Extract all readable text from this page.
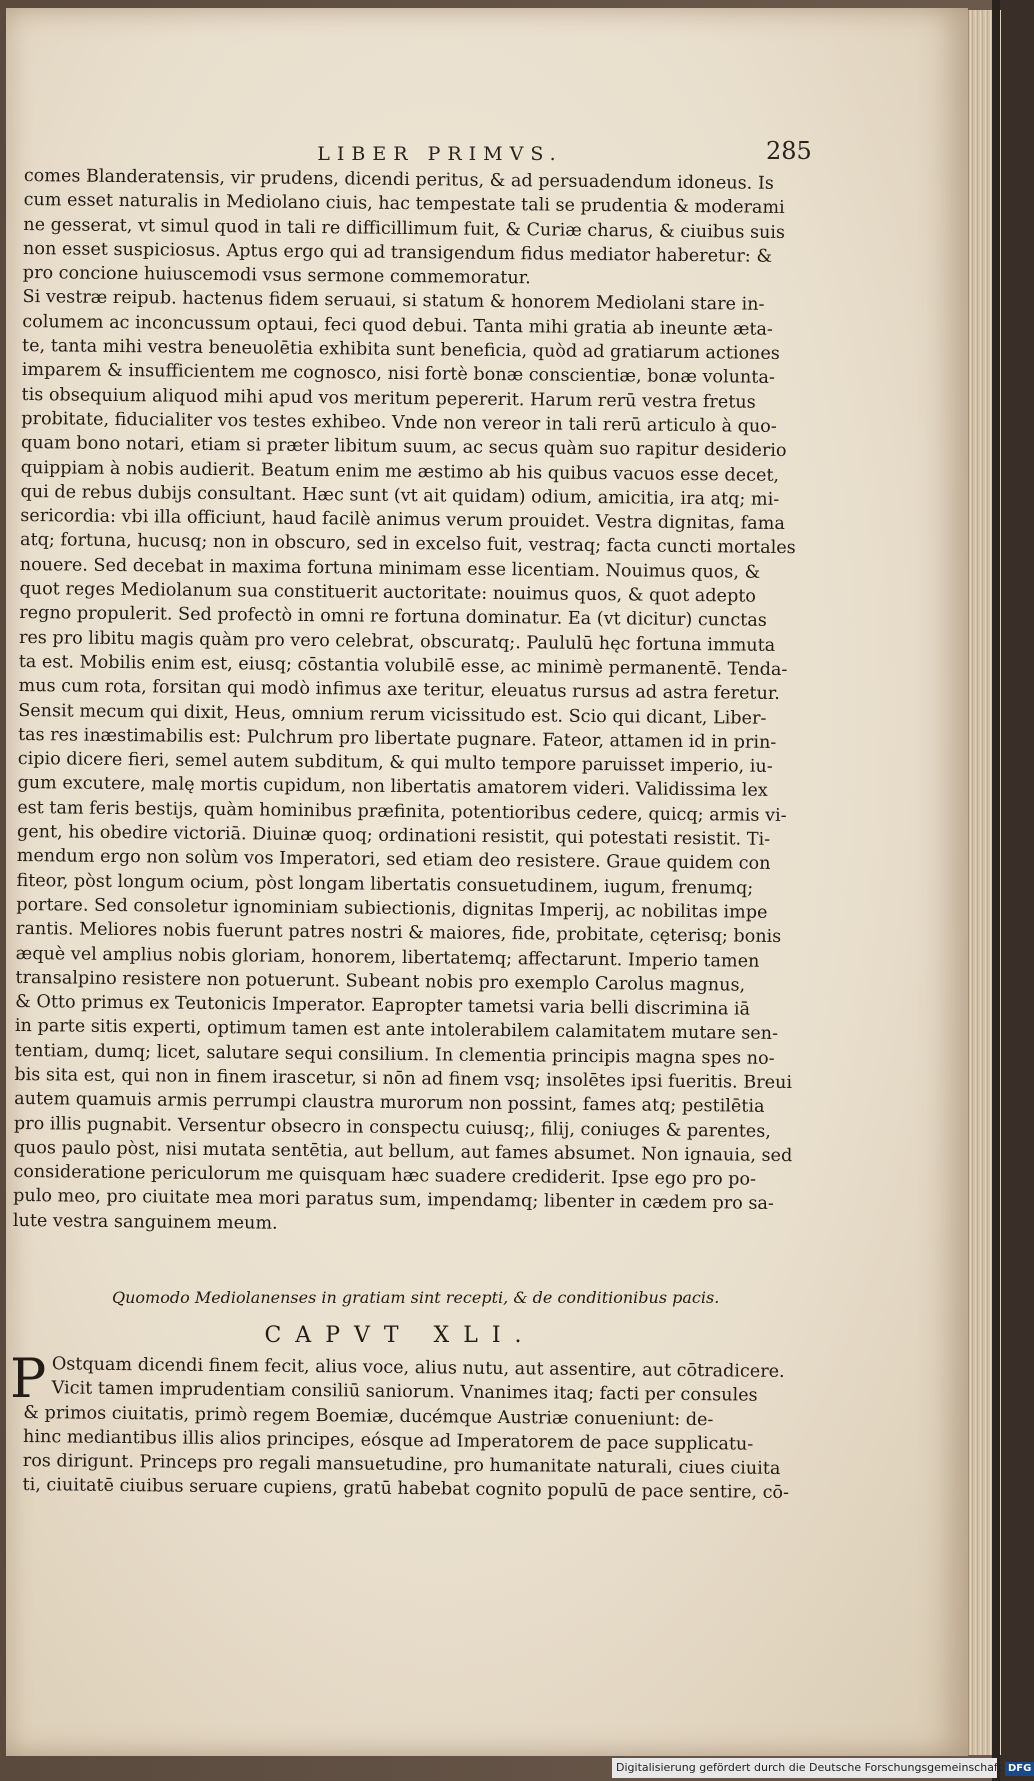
LIBER PRIMVS.	285
comes Blanderatensis, vir prudens, dicendi peritus, & ad persuadendum idoneus. Is
cum esset naturalis in Mediolano ciuis, hac tempestate tali se prudentia & moderami
ne gesserat, vt simul quod in tali re difficillimum fuit, & Curiæ charus, & ciuibus suis
non esset suspiciosus. Aptus ergo qui ad transigendum fidus mediator haberetur: &
pro concione huiuscemodi vsus sermone commemoratur.
Si vestræ reipub. hactenus fidem seruaui, si statum & honorem Mediolani stare in-
columem ac inconcussum optaui, feci quod debui. Tanta mihi gratia ab ineunte æta-
te, tanta mihi vestra beneuolētia exhibita sunt beneficia, quòd ad gratiarum actiones
imparem & insufficientem me cognosco, nisi fortè bonæ conscientiæ, bonæ volunta-
tis obsequium aliquod mihi apud vos meritum pepererit. Harum rerū vestra fretus
probitate, fiducialiter vos testes exhibeo. Vnde non vereor in tali rerū articulo à quo-
quam bono notari, etiam si præter libitum suum, ac secus quàm suo rapitur desiderio
quippiam à nobis audierit. Beatum enim me æstimo ab his quibus vacuos esse decet,
qui de rebus dubijs consultant. Hæc sunt (vt ait quidam) odium, amicitia, ira atq; mi-
sericordia: vbi illa officiunt, haud facilè animus verum prouidet. Vestra dignitas, fama
atq; fortuna, hucusq; non in obscuro, sed in excelso fuit, vestraq; facta cuncti mortales
nouere. Sed decebat in maxima fortuna minimam esse licentiam. Nouimus quos, &
quot reges Mediolanum sua constituerit auctoritate: nouimus quos, & quot adepto
regno propulerit. Sed profectò in omni re fortuna dominatur. Ea (vt dicitur) cunctas
res pro libitu magis quàm pro vero celebrat, obscuratq;. Paululū hęc fortuna immuta
ta est. Mobilis enim est, eiusq; cōstantia volubilē esse, ac minimè permanentē. Tenda-
mus cum rota, forsitan qui modò infimus axe teritur, eleuatus rursus ad astra feretur.
Sensit mecum qui dixit, Heus, omnium rerum vicissitudo est. Scio qui dicant, Liber-
tas res inæstimabilis est: Pulchrum pro libertate pugnare. Fateor, attamen id in prin-
cipio dicere fieri, semel autem subditum, & qui multo tempore paruisset imperio, iu-
gum excutere, malę mortis cupidum, non libertatis amatorem videri. Validissima lex
est tam feris bestijs, quàm hominibus præfinita, potentioribus cedere, quicq; armis vi-
gent, his obedire victoriā. Diuinæ quoq; ordinationi resistit, qui potestati resistit. Ti-
mendum ergo non solùm vos Imperatori, sed etiam deo resistere. Graue quidem con
fiteor, pòst longum ocium, pòst longam libertatis consuetudinem, iugum, frenumq;
portare. Sed consoletur ignominiam subiectionis, dignitas Imperij, ac nobilitas impe
rantis. Meliores nobis fuerunt patres nostri & maiores, fide, probitate, cęterisq; bonis
æquè vel amplius nobis gloriam, honorem, libertatemq; affectarunt. Imperio tamen
transalpino resistere non potuerunt. Subeant nobis pro exemplo Carolus magnus,
& Otto primus ex Teutonicis Imperator. Eapropter tametsi varia belli discrimina iā
in parte sitis experti, optimum tamen est ante intolerabilem calamitatem mutare sen-
tentiam, dumq; licet, salutare sequi consilium. In clementia principis magna spes no-
bis sita est, qui non in finem irascetur, si nōn ad finem vsq; insolētes ipsi fueritis. Breui
autem quamuis armis perrumpi claustra murorum non possint, fames atq; pestilētia
pro illis pugnabit. Versentur obsecro in conspectu cuiusq;, filij, coniuges & parentes,
quos paulo pòst, nisi mutata sentētia, aut bellum, aut fames absumet. Non ignauia, sed
consideratione periculorum me quisquam hæc suadere crediderit. Ipse ego pro po-
pulo meo, pro ciuitate mea mori paratus sum, impendamq; libenter in cædem pro sa-
lute vestra sanguinem meum.
Quomodo Mediolanenses in gratiam sint recepti, & de conditionibus pacis.
CAPVT XLI.
P Ostquam dicendi finem fecit, alius voce, alius nutu, aut assentire, aut cōtradicere.
Vicit tamen imprudentiam consiliū saniorum. Vnanimes itaq; facti per consules
& primos ciuitatis, primò regem Boemiæ, ducémque Austriæ conueniunt: de-
hinc mediantibus illis alios principes, eósque ad Imperatorem de pace supplicatu-
ros dirigunt. Princeps pro regali mansuetudine, pro humanitate naturali, ciues ciuita
ti, ciuitatē ciuibus seruare cupiens, gratū habebat cognito populū de pace sentire, cō-
Digitalisierung gefördert durch die Deutsche Forschungsgemeinschaft DFG
